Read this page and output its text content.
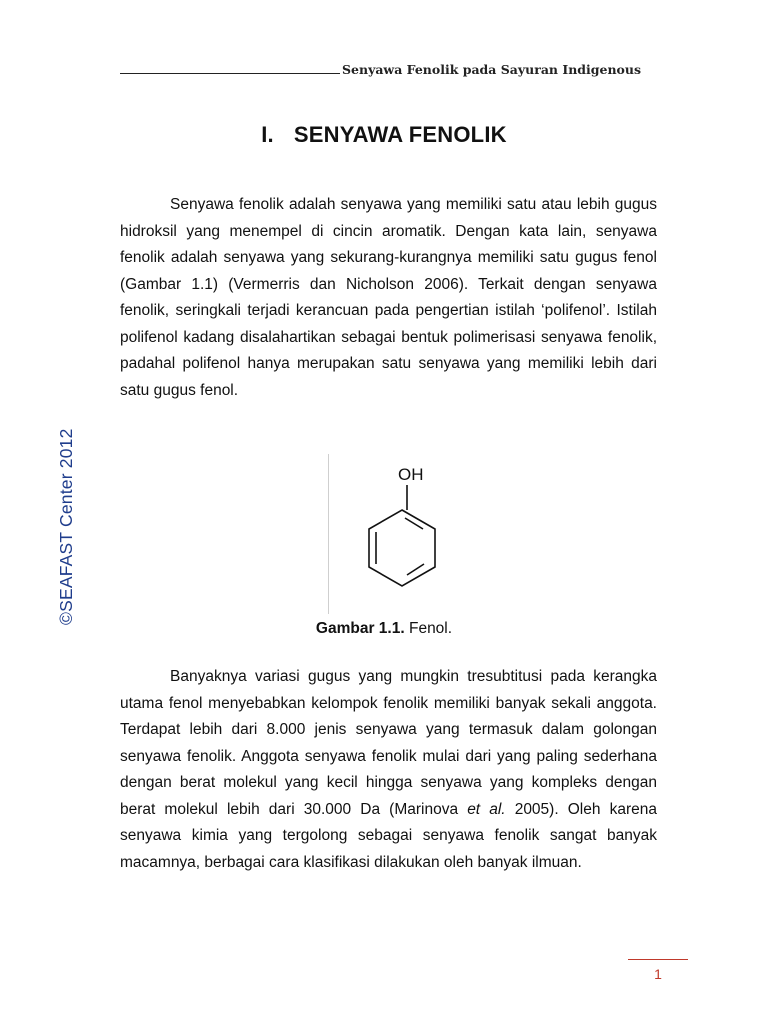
Senyawa Fenolik pada Sayuran Indigenous
I. SENYAWA FENOLIK
Senyawa fenolik adalah senyawa yang memiliki satu atau lebih gugus hidroksil yang menempel di cincin aromatik. Dengan kata lain, senyawa fenolik adalah senyawa yang sekurang-kurangnya memiliki satu gugus fenol (Gambar 1.1) (Vermerris dan Nicholson 2006). Terkait dengan senyawa fenolik, seringkali terjadi kerancuan pada pengertian istilah ‘polifenol’. Istilah polifenol kadang disalahartikan sebagai bentuk polimerisasi senyawa fenolik, padahal polifenol hanya merupakan satu senyawa yang memiliki lebih dari satu gugus fenol.
OH
Gambar 1.1. Fenol.
Banyaknya variasi gugus yang mungkin tresubtitusi pada kerangka utama fenol menyebabkan kelompok fenolik memiliki banyak sekali anggota. Terdapat lebih dari 8.000 jenis senyawa yang termasuk dalam golongan senyawa fenolik. Anggota senyawa fenolik mulai dari yang paling sederhana dengan berat molekul yang kecil hingga senyawa yang kompleks dengan berat molekul lebih dari 30.000 Da (Marinova et al. 2005). Oleh karena senyawa kimia yang tergolong sebagai senyawa fenolik sangat banyak macamnya, berbagai cara klasifikasi dilakukan oleh banyak ilmuan.
©SEAFAST Center 2012
1
